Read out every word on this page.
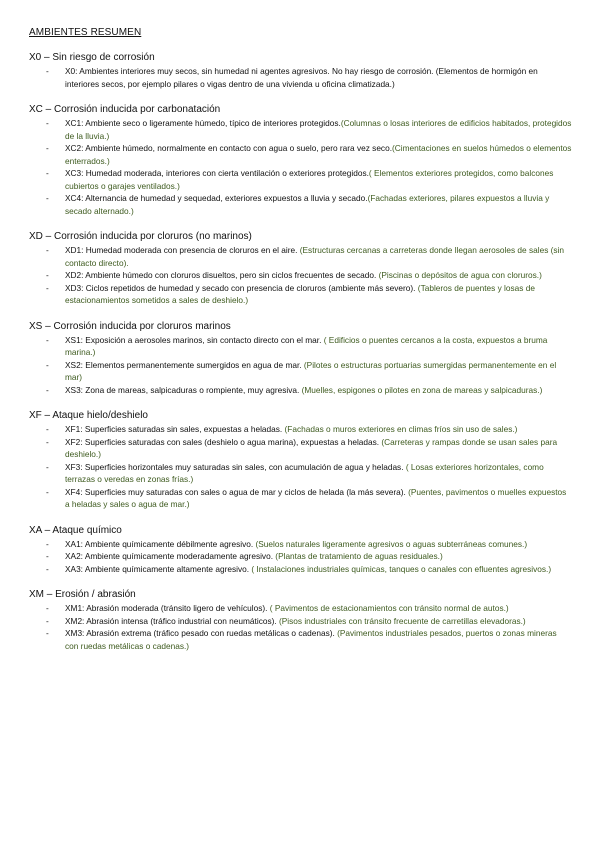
AMBIENTES RESUMEN
X0 – Sin riesgo de corrosión
- X0: Ambientes interiores muy secos, sin humedad ni agentes agresivos. No hay riesgo de corrosión. (Elementos de hormigón en interiores secos, por ejemplo pilares o vigas dentro de una vivienda u oficina climatizada.)
XC – Corrosión inducida por carbonatación
- XC1: Ambiente seco o ligeramente húmedo, típico de interiores protegidos.(Columnas o losas interiores de edificios habitados, protegidos de la lluvia.)
- XC2: Ambiente húmedo, normalmente en contacto con agua o suelo, pero rara vez seco.(Cimentaciones en suelos húmedos o elementos enterrados.)
- XC3: Humedad moderada, interiores con cierta ventilación o exteriores protegidos.( Elementos exteriores protegidos, como balcones cubiertos o garajes ventilados.)
- XC4: Alternancia de humedad y sequedad, exteriores expuestos a lluvia y secado.(Fachadas exteriores, pilares expuestos a lluvia y secado alternado.)
XD – Corrosión inducida por cloruros (no marinos)
- XD1: Humedad moderada con presencia de cloruros en el aire. (Estructuras cercanas a carreteras donde llegan aerosoles de sales (sin contacto directo).
- XD2: Ambiente húmedo con cloruros disueltos, pero sin ciclos frecuentes de secado. (Piscinas o depósitos de agua con cloruros.)
- XD3: Ciclos repetidos de humedad y secado con presencia de cloruros (ambiente más severo). (Tableros de puentes y losas de estacionamientos sometidos a sales de deshielo.)
XS – Corrosión inducida por cloruros marinos
- XS1: Exposición a aerosoles marinos, sin contacto directo con el mar. ( Edificios o puentes cercanos a la costa, expuestos a bruma marina.)
- XS2: Elementos permanentemente sumergidos en agua de mar. (Pilotes o estructuras portuarias sumergidas permanentemente en el mar)
- XS3: Zona de mareas, salpicaduras o rompiente, muy agresiva. (Muelles, espigones o pilotes en zona de mareas y salpicaduras.)
XF – Ataque hielo/deshielo
- XF1: Superficies saturadas sin sales, expuestas a heladas. (Fachadas o muros exteriores en climas fríos sin uso de sales.)
- XF2: Superficies saturadas con sales (deshielo o agua marina), expuestas a heladas. (Carreteras y rampas donde se usan sales para deshielo.)
- XF3: Superficies horizontales muy saturadas sin sales, con acumulación de agua y heladas. ( Losas exteriores horizontales, como terrazas o veredas en zonas frías.)
- XF4: Superficies muy saturadas con sales o agua de mar y ciclos de helada (la más severa). (Puentes, pavimentos o muelles expuestos a heladas y sales o agua de mar.)
XA – Ataque químico
- XA1: Ambiente químicamente débilmente agresivo. (Suelos naturales ligeramente agresivos o aguas subterráneas comunes.)
- XA2: Ambiente químicamente moderadamente agresivo. (Plantas de tratamiento de aguas residuales.)
- XA3: Ambiente químicamente altamente agresivo. ( Instalaciones industriales químicas, tanques o canales con efluentes agresivos.)
XM – Erosión / abrasión
- XM1: Abrasión moderada (tránsito ligero de vehículos). ( Pavimentos de estacionamientos con tránsito normal de autos.)
- XM2: Abrasión intensa (tráfico industrial con neumáticos). (Pisos industriales con tránsito frecuente de carretillas elevadoras.)
- XM3: Abrasión extrema (tráfico pesado con ruedas metálicas o cadenas). (Pavimentos industriales pesados, puertos o zonas mineras con ruedas metálicas o cadenas.)
